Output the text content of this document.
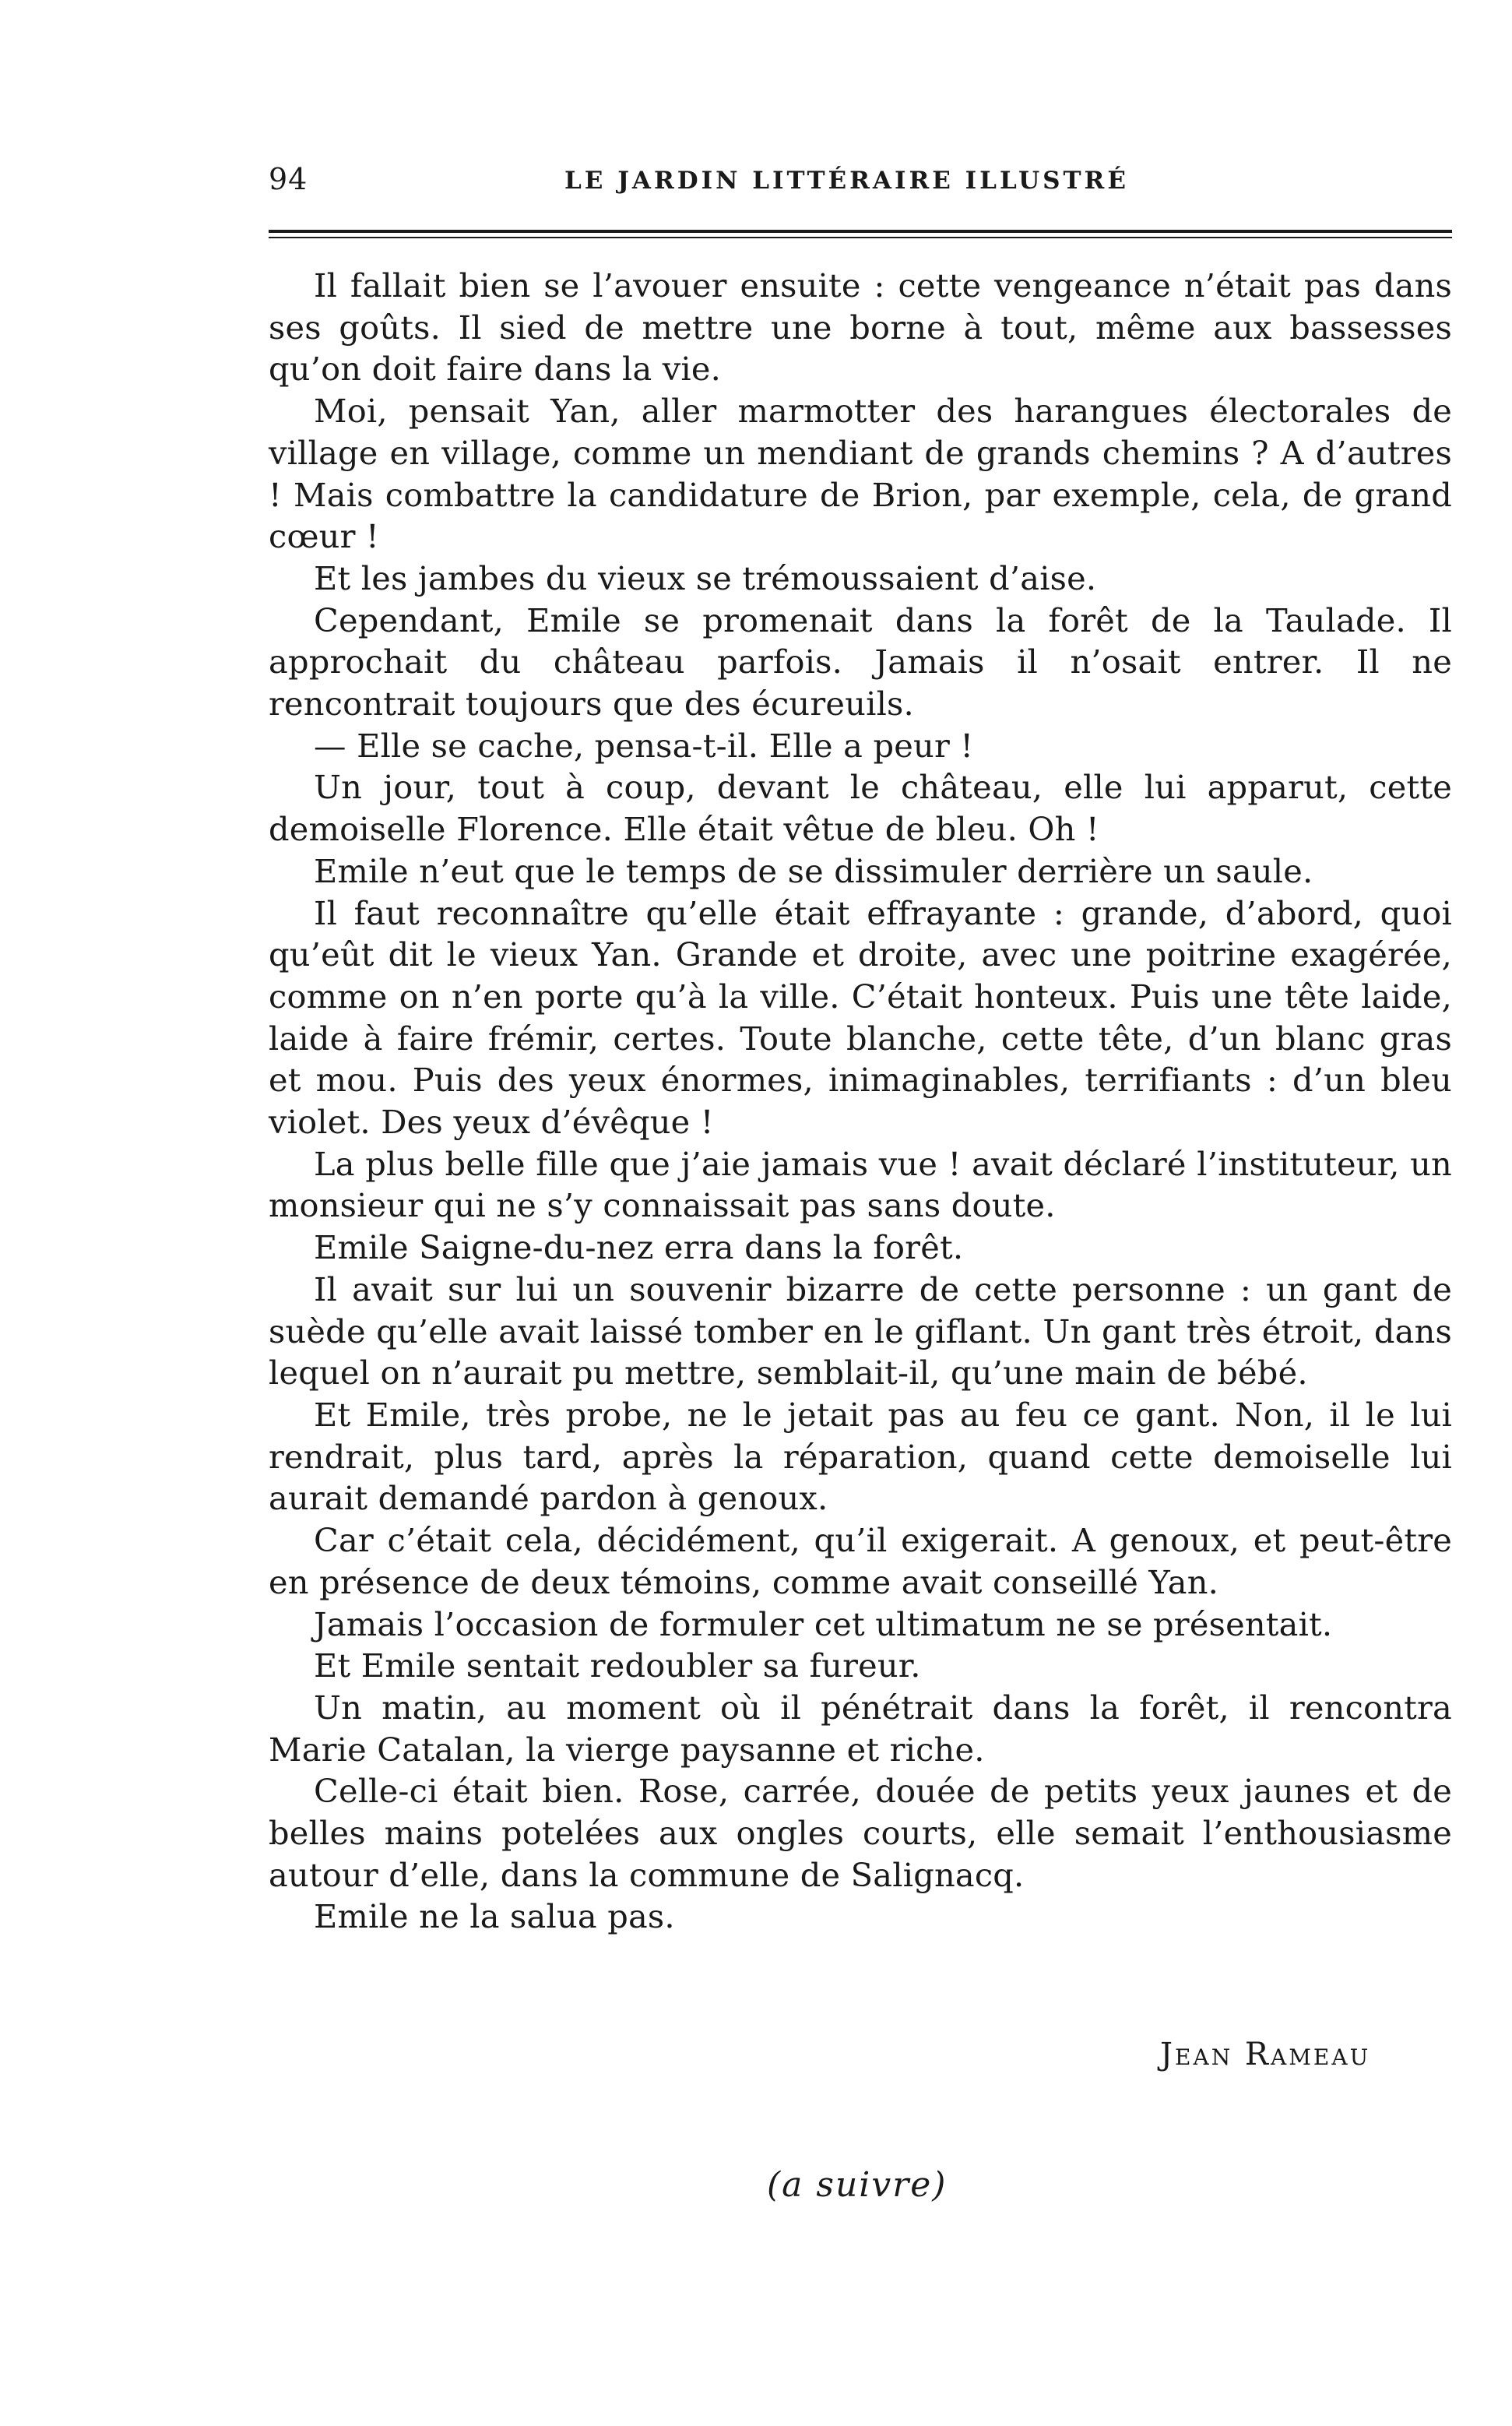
94	LE JARDIN LITTÉRAIRE ILLUSTRÉ

Il fallait bien se l’avouer ensuite : cette vengeance n’était pas dans ses goûts. Il sied de mettre une borne à tout, même aux bassesses qu’on doit faire dans la vie.

Moi, pensait Yan, aller marmotter des harangues électorales de village en village, comme un mendiant de grands chemins ? A d’autres ! Mais combattre la candidature de Brion, par exemple, cela, de grand cœur !

Et les jambes du vieux se trémoussaient d’aise.

Cependant, Emile se promenait dans la forêt de la Taulade. Il approchait du château parfois. Jamais il n’osait entrer. Il ne rencontrait toujours que des écureuils.

— Elle se cache, pensa-t-il. Elle a peur !

Un jour, tout à coup, devant le château, elle lui apparut, cette demoiselle Florence. Elle était vêtue de bleu. Oh !

Emile n’eut que le temps de se dissimuler derrière un saule.

Il faut reconnaître qu’elle était effrayante : grande, d’abord, quoi qu’eût dit le vieux Yan. Grande et droite, avec une poitrine exagérée, comme on n’en porte qu’à la ville. C’était honteux. Puis une tête laide, laide à faire frémir, certes. Toute blanche, cette tête, d’un blanc gras et mou. Puis des yeux énormes, inimaginables, terrifiants : d’un bleu violet. Des yeux d’évêque !

La plus belle fille que j’aie jamais vue ! avait déclaré l’instituteur, un monsieur qui ne s’y connaissait pas sans doute.

Emile Saigne-du-nez erra dans la forêt.

Il avait sur lui un souvenir bizarre de cette personne : un gant de suède qu’elle avait laissé tomber en le giflant. Un gant très étroit, dans lequel on n’aurait pu mettre, semblait-il, qu’une main de bébé.

Et Emile, très probe, ne le jetait pas au feu ce gant. Non, il le lui rendrait, plus tard, après la réparation, quand cette demoiselle lui aurait demandé pardon à genoux.

Car c’était cela, décidément, qu’il exigerait. A genoux, et peut-être en présence de deux témoins, comme avait conseillé Yan.

Jamais l’occasion de formuler cet ultimatum ne se présentait.

Et Emile sentait redoubler sa fureur.

Un matin, au moment où il pénétrait dans la forêt, il rencontra Marie Catalan, la vierge paysanne et riche.

Celle-ci était bien. Rose, carrée, douée de petits yeux jaunes et de belles mains potelées aux ongles courts, elle semait l’enthousiasme autour d’elle, dans la commune de Salignacq.

Emile ne la salua pas.

Jean Rameau
(a suivre)
